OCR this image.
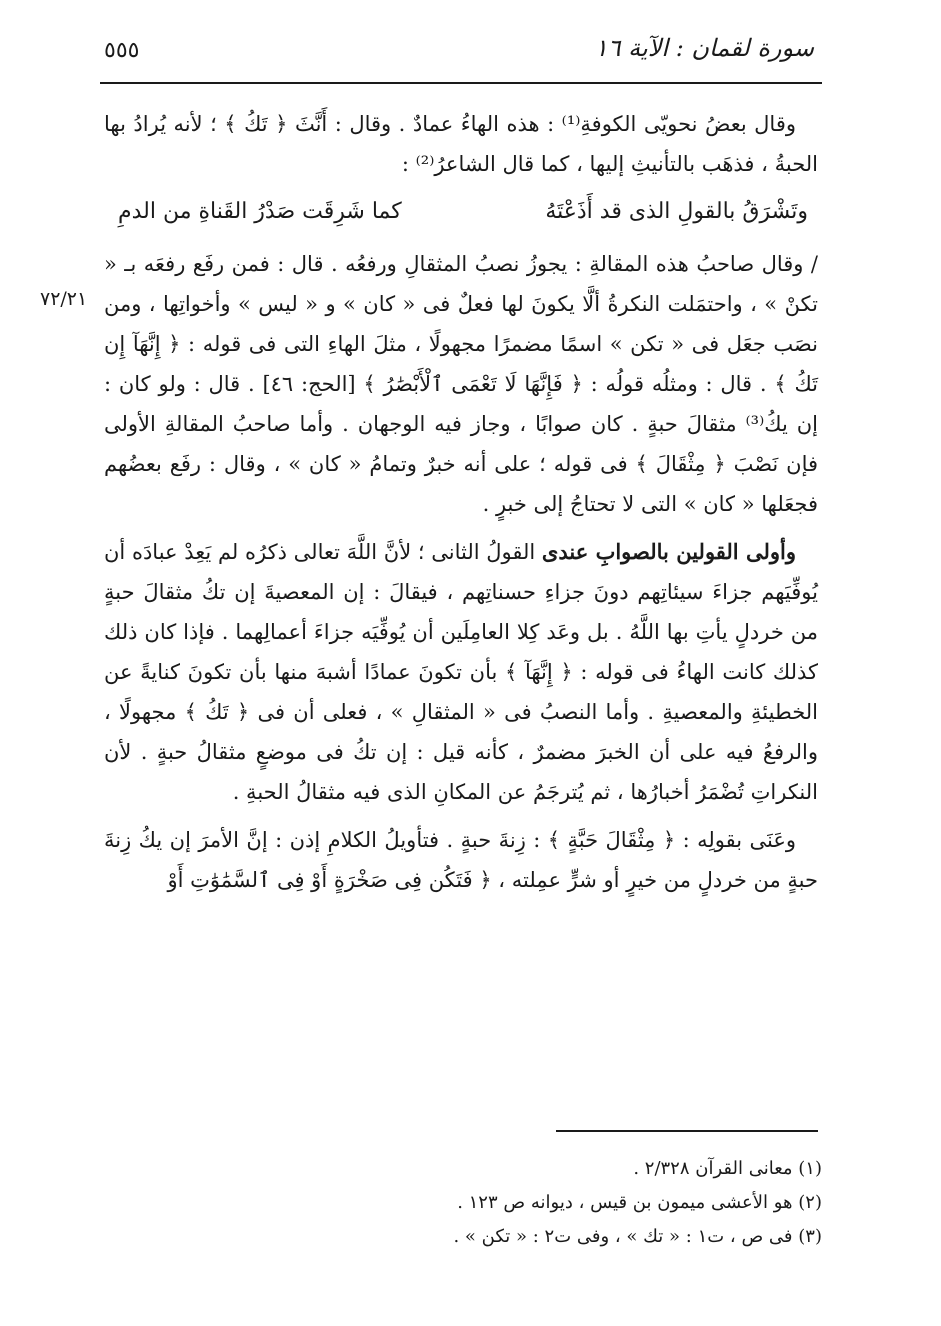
٥٥٥	سورة لقمان : الآية ١٦
٧٢/٢١

وقال بعضُ نحويّى الكوفةِ⁽¹⁾ : هذه الهاءُ عمادٌ . وقال : أَنَّثَ ﴿ تَكُ ﴾ ؛ لأنه يُرادُ بها الحبةُ ، فذهَب بالتأنيثِ إليها ، كما قال الشاعرُ⁽²⁾ :

وتَشْرَقُ بالقولِ الذى قد أَذَعْتَهُ
كما شَرِقَت صَدْرُ القَناةِ من الدمِ

/ وقال صاحبُ هذه المقالةِ : يجوزُ نصبُ المثقالِ ورفعُه . قال : فمن رفَع رفعَه بـ « تكنْ » ، واحتمَلت النكرةُ ألَّا يكونَ لها فعلٌ فى « كان » و « ليس » وأخواتِها ، ومن نصَب جعَل فى « تكن » اسمًا مضمرًا مجهولًا ، مثلَ الهاءِ التى فى قوله : ﴿ إِنَّهَآ إِن تَكُ ﴾ . قال : ومثلُه قولُه : ﴿ فَإِنَّهَا لَا تَعْمَى ٱلْأَبْصَٰرُ ﴾ [الحج: ٤٦] . قال : ولو كان : إن يكُ⁽³⁾ مثقالَ حبةٍ . كان صوابًا ، وجاز فيه الوجهان . وأما صاحبُ المقالةِ الأولى فإن نَصْبَ ﴿ مِثْقَالَ ﴾ فى قوله ؛ على أنه خبرٌ وتمامُ « كان » ، وقال : رفَع بعضُهم فجعَلها « كان » التى لا تحتاجُ إلى خبرٍ .

وأولى القولين بالصوابِ عندى القولُ الثانى ؛ لأنَّ اللَّهَ تعالى ذكرُه لم يَعِدْ عبادَه أن يُوفِّيَهم جزاءَ سيئاتِهم دونَ جزاءِ حسناتِهم ، فيقالَ : إن المعصيةَ إن تكُ مثقالَ حبةٍ من خردلٍ يأتِ بها اللَّهُ . بل وعَد كِلا العامِلَين أن يُوفِّيَه جزاءَ أعمالِهما . فإذا كان ذلك كذلك كانت الهاءُ فى قوله : ﴿ إِنَّهَآ ﴾ بأن تكونَ عمادًا أشبهَ منها بأن تكونَ كنايةً عن الخطيئةِ والمعصيةِ . وأما النصبُ فى « المثقالِ » ، فعلى أن فى ﴿ تَكُ ﴾ مجهولًا ، والرفعُ فيه على أن الخبرَ مضمرٌ ، كأنه قيل : إن تكُ فى موضعٍ مثقالُ حبةٍ . لأن النكراتِ تُضْمَرُ أخبارُها ، ثم يُترجَمُ عن المكانِ الذى فيه مثقالُ الحبةِ .

وعَنَى بقولِه : ﴿ مِثْقَالَ حَبَّةٍ ﴾ : زِنةَ حبةٍ . فتأويلُ الكلامِ إذن : إنَّ الأمرَ إن يكُ زِنةَ حبةٍ من خردلٍ من خيرٍ أو شرٍّ عمِلته ، ﴿ فَتَكُن فِى صَخْرَةٍ أَوْ فِى ٱلسَّمَٰوَٰتِ أَوْ

(١) معانى القرآن ٢/٣٢٨ .

(٢) هو الأعشى ميمون بن قيس ، ديوانه ص ١٢٣ .

(٣) فى ص ، ت١ : « تك » ، وفى ت٢ : « تكن » .
